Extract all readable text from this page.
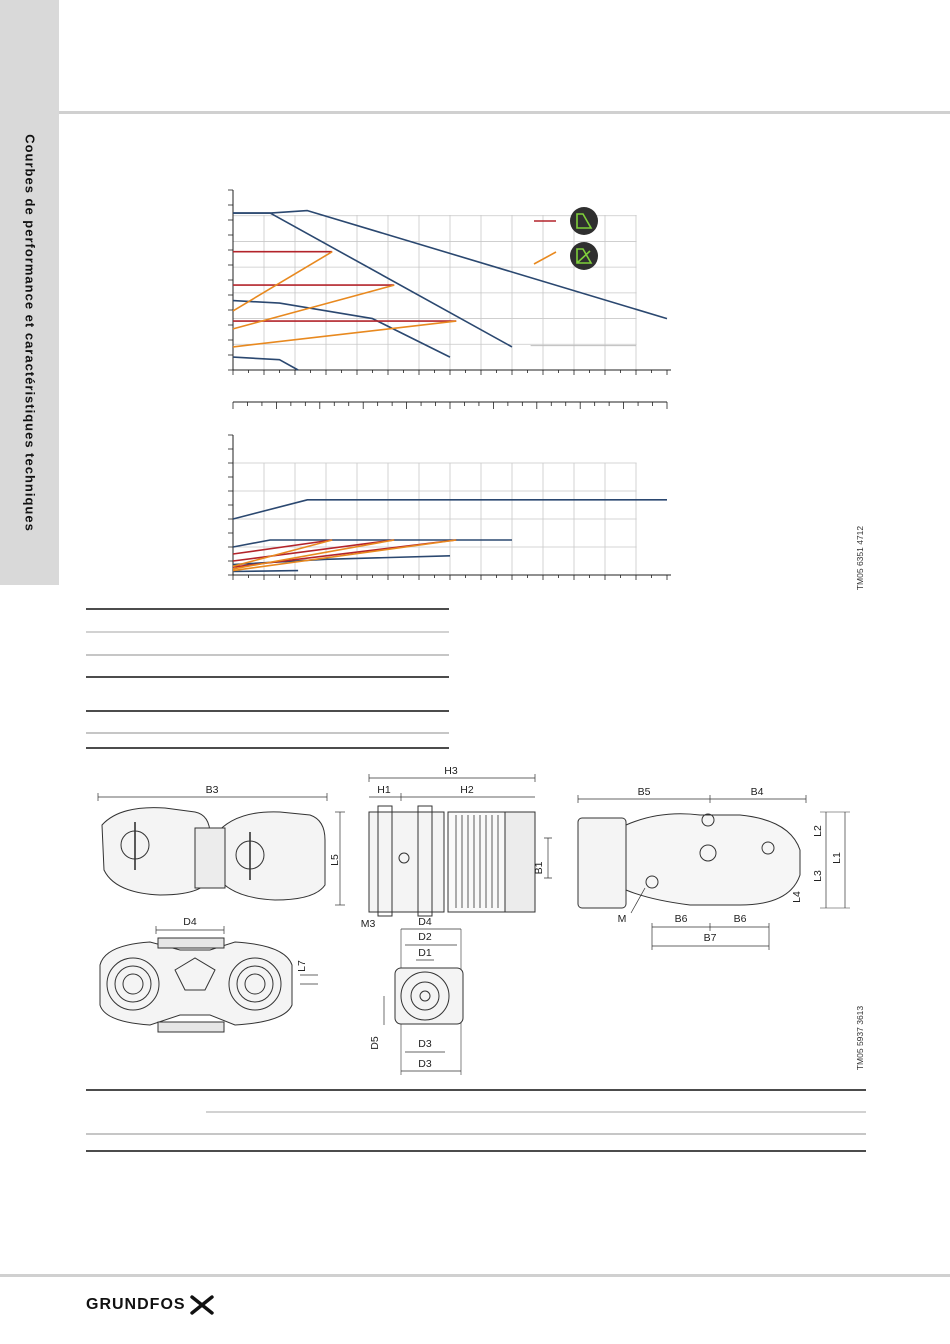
Courbes de performance et caractéristiques techniques
TM05 6351 4712
TM05 5937 3613
B3
L5
D4
L7
H3
H1	H2
B1
M3	D4
D2
D1
D5	D3
D3
B5	B4
L2
L1
L3
L4
M	B6	B6
B7
GRUNDFOS
